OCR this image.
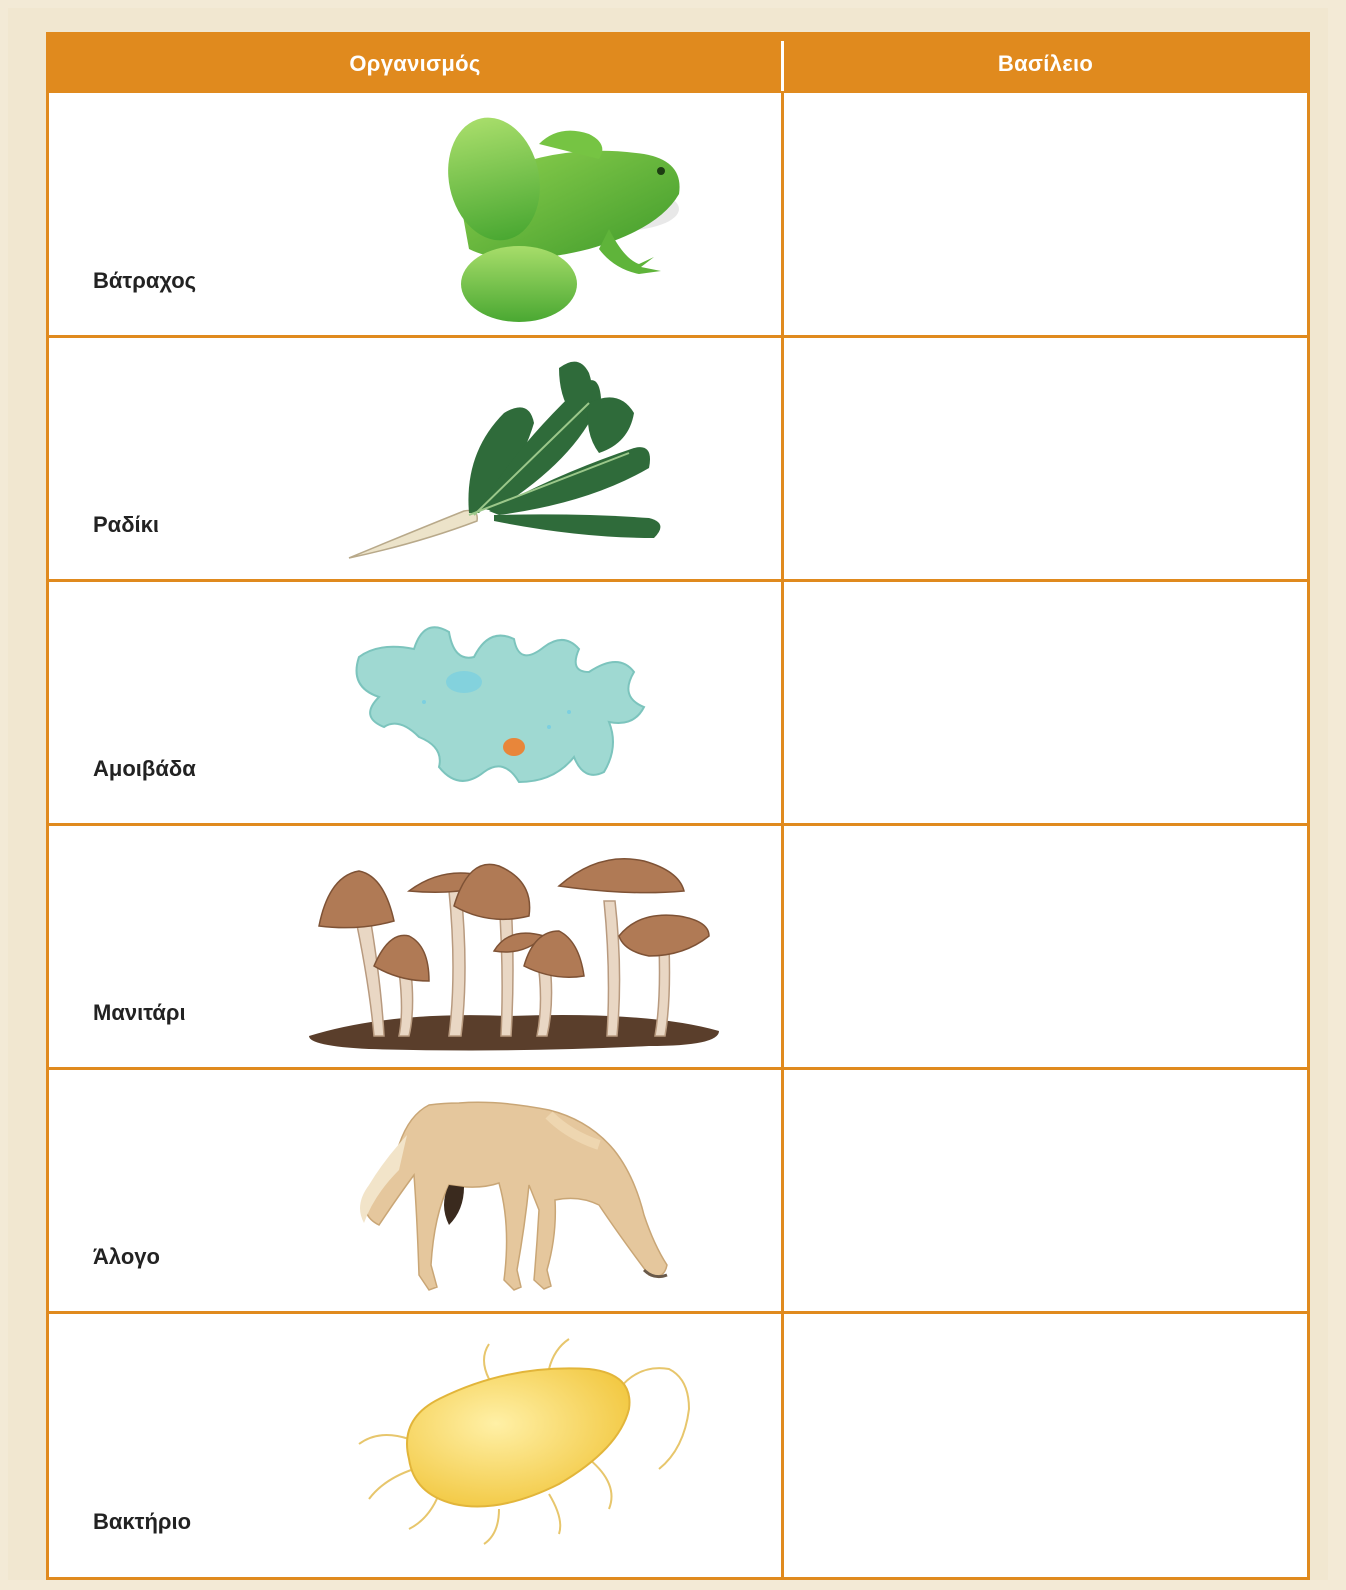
Οργανισμός	Βασίλειο
Βάτραχος
Ραδίκι
Αμοιβάδα
Μανιτάρι
Άλογο
Βακτήριο
